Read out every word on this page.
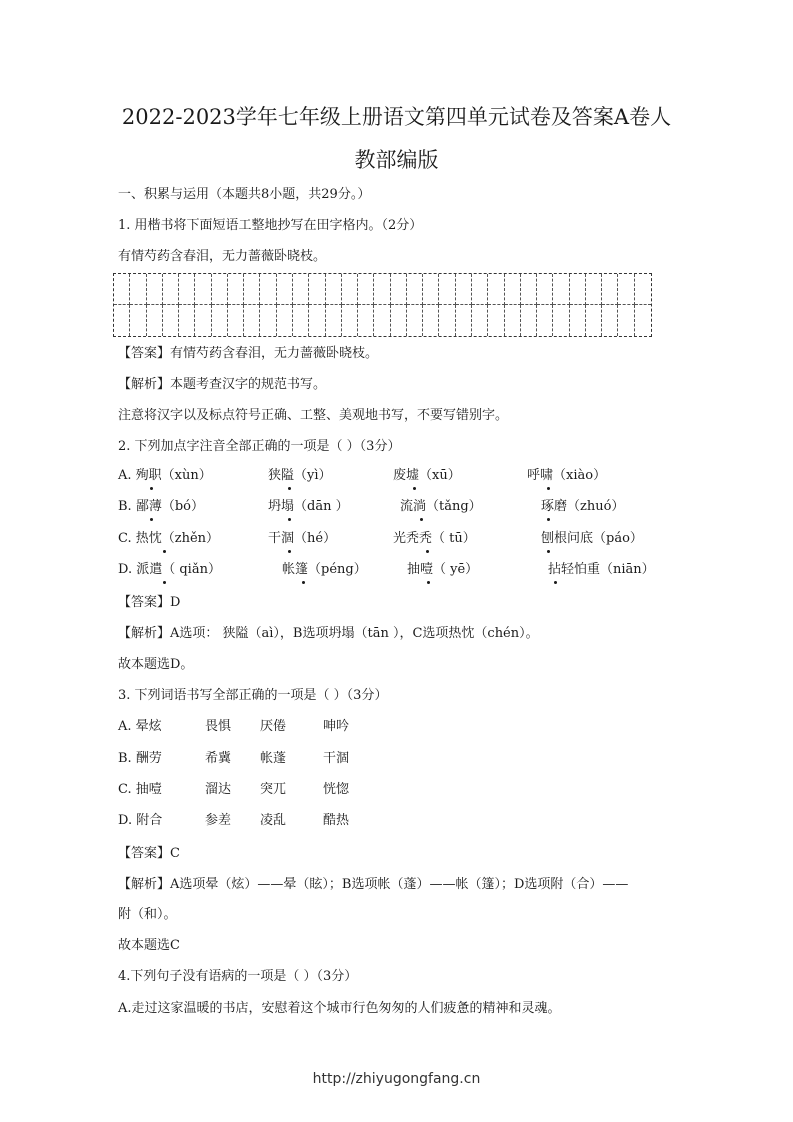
2022-2023学年七年级上册语文第四单元试卷及答案A卷人
教部编版
一、积累与运用（本题共8小题，共29分。）
1. 用楷书将下面短语工整地抄写在田字格内。（2分）
有情芍药含春泪，无力蔷薇卧晓枝。
【答案】有情芍药含春泪，无力蔷薇卧晓枝。
【解析】本题考查汉字的规范书写。
注意将汉字以及标点符号正确、工整、美观地书写，不要写错别字。
2. 下列加点字注音全部正确的一项是（ ）（3分）
A. 殉职（xùn）	狭隘（yì）	废墟（xū）	呼啸（xiào）
B. 鄙薄（bó）	坍塌（dān ）	流淌（tǎng）	琢磨（zhuó）
C. 热忱（zhěn）	干涸（hé）	光秃秃（ tū）	刨根问底（páo）
D. 派遣（ qiǎn）	帐篷（péng）	抽噎（ yē）	拈轻怕重（niān）
【答案】D
【解析】A选项： 狭隘（aì），B选项坍塌（tān ），C选项热忱（chén）。
故本题选D。
3. 下列词语书写全部正确的一项是（ ）（3分）
A. 晕炫	畏惧 厌倦	呻吟
B. 酬劳	希冀 帐蓬	干涸
C. 抽噎	溜达 突兀	恍惚
D. 附合	参差 凌乱	酷热
【答案】C
【解析】A选项晕（炫）——晕（眩）；B选项帐（蓬）——帐（篷）；D选项附（合）——
附（和）。
故本题选C
4.下列句子没有语病的一项是（ ）（3分）
A.走过这家温暖的书店，安慰着这个城市行色匆匆的人们疲惫的精神和灵魂。
http://zhiyugongfang.cn
